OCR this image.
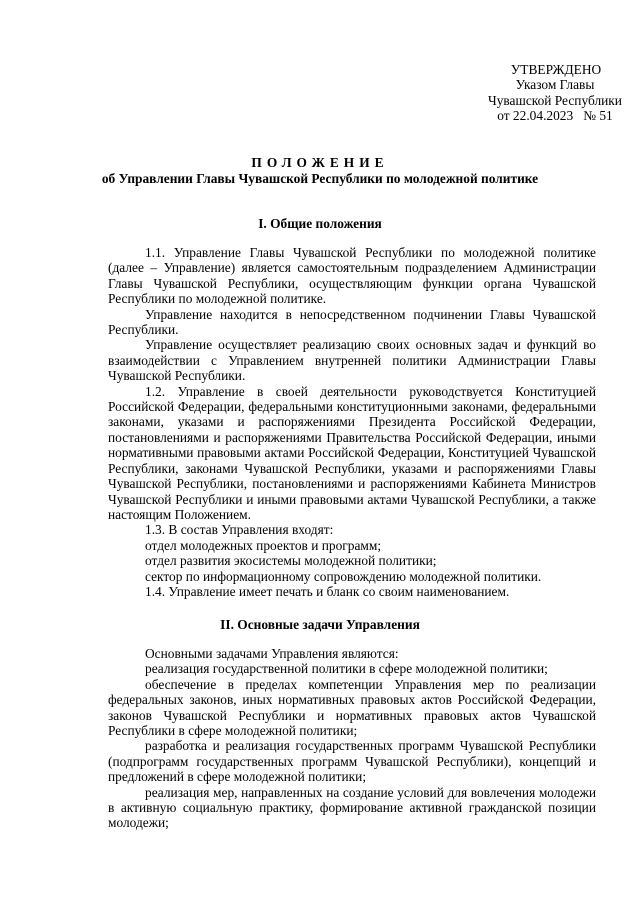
УТВЕРЖДЕНО
Указом Главы
Чувашской Республики
от 22.04.2023   № 51
ПОЛОЖЕНИЕ
об Управлении Главы Чувашской Республики по молодежной политике
I. Общие положения

1.1. Управление Главы Чувашской Республики по молодежной политике (далее – Управление) является самостоятельным подразделением Администрации Главы Чувашской Республики, осуществляющим функции органа Чувашской Республики по молодежной политике.

Управление находится в непосредственном подчинении Главы Чувашской Республики.

Управление осуществляет реализацию своих основных задач и функций во взаимодействии с Управлением внутренней политики Администрации Главы Чувашской Республики.

1.2. Управление в своей деятельности руководствуется Конституцией Российской Федерации, федеральными конституционными законами, федеральными законами, указами и распоряжениями Президента Российской Федерации, постановлениями и распоряжениями Правительства Российской Федерации, иными нормативными правовыми актами Российской Федерации, Конституцией Чувашской Республики, законами Чувашской Республики, указами и распоряжениями Главы Чувашской Республики, постановлениями и распоряжениями Кабинета Министров Чувашской Республики и иными правовыми актами Чувашской Республики, а также настоящим Положением.

1.3. В состав Управления входят:

отдел молодежных проектов и программ;

отдел развития экосистемы молодежной политики;

сектор по информационному сопровождению молодежной политики.

1.4. Управление имеет печать и бланк со своим наименованием.

II. Основные задачи Управления

Основными задачами Управления являются:

реализация государственной политики в сфере молодежной политики;

обеспечение в пределах компетенции Управления мер по реализации федеральных законов, иных нормативных правовых актов Российской Федерации, законов Чувашской Республики и нормативных правовых актов Чувашской Республики в сфере молодежной политики;

разработка и реализация государственных программ Чувашской Республики (подпрограмм государственных программ Чувашской Республики), концепций и предложений в сфере молодежной политики;

реализация мер, направленных на создание условий для вовлечения молодежи в активную социальную практику, формирование активной гражданской позиции молодежи;
